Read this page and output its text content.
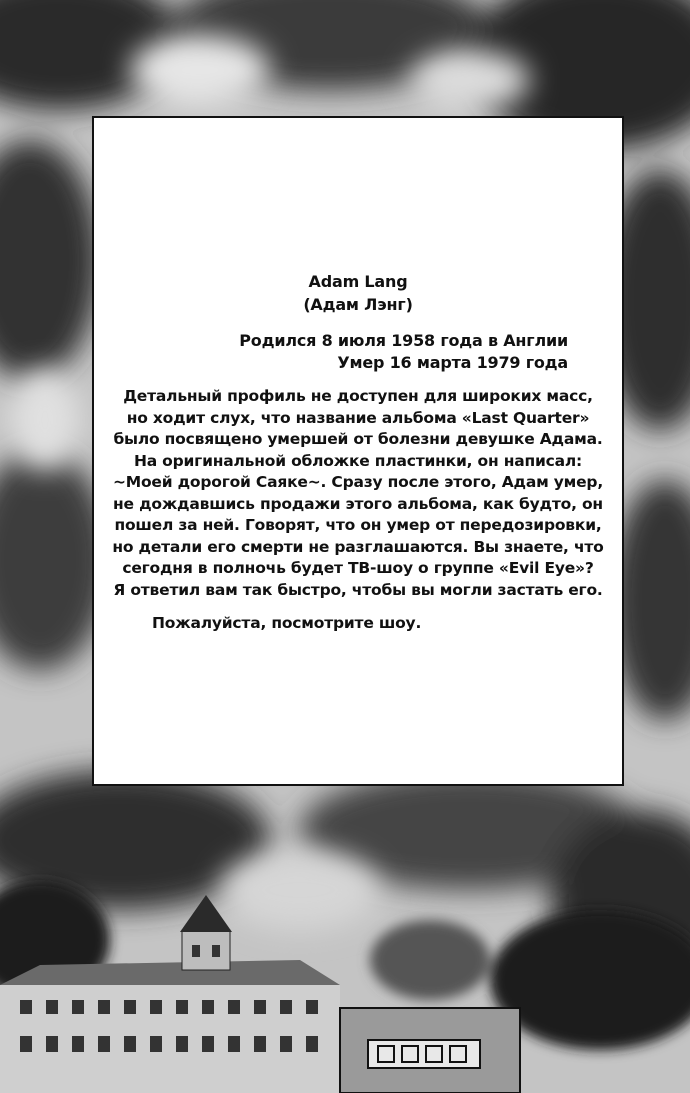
Adam Lang

(Адам Лэнг)

Родился 8 июля 1958 года в Англии

Умер 16 марта 1979 года

Детальный профиль не доступен для широких масс,

но ходит слух, что название альбома «Last Quarter»

было посвящено умершей от болезни девушке Адама.

На оригинальной обложке пластинки, он написал:

~Моей дорогой Саяке~. Сразу после этого, Адам умер,

не дождавшись продажи этого альбома, как будто, он

пошел за ней. Говорят, что он умер от передозировки,

но детали его смерти не разглашаются. Вы знаете, что

сегодня в полночь будет ТВ-шоу о группе «Evil Eye»?

Я ответил вам так быстро, чтобы вы могли застать его.

Пожалуйста, посмотрите шоу.
